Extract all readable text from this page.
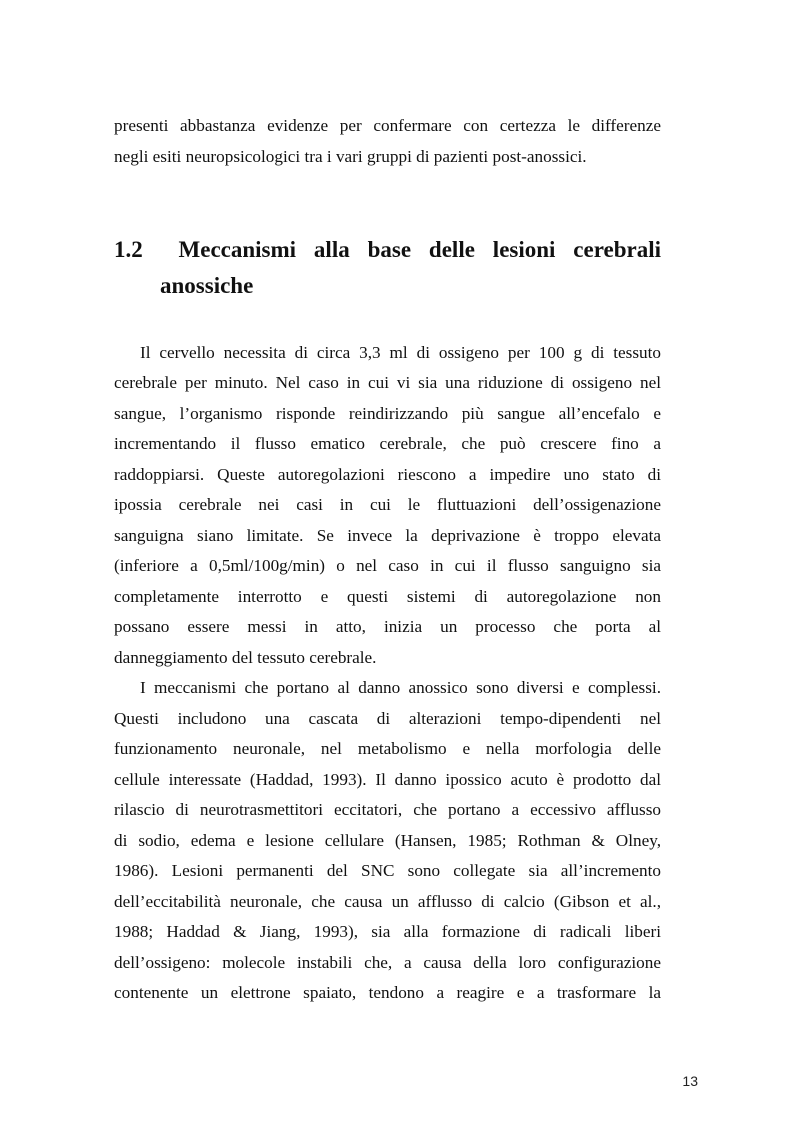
presenti abbastanza evidenze per confermare con certezza le differenze
negli esiti neuropsicologici tra i vari gruppi di pazienti post-anossici.
1.2 Meccanismi alla base delle lesioni cerebrali
anossiche
Il cervello necessita di circa 3,3 ml di ossigeno per 100 g di tessuto
cerebrale per minuto. Nel caso in cui vi sia una riduzione di ossigeno nel
sangue, l’organismo risponde reindirizzando più sangue all’encefalo e
incrementando il flusso ematico cerebrale, che può crescere fino a
raddoppiarsi. Queste autoregolazioni riescono a impedire uno stato di
ipossia cerebrale nei casi in cui le fluttuazioni dell’ossigenazione
sanguigna siano limitate. Se invece la deprivazione è troppo elevata
(inferiore a 0,5ml/100g/min) o nel caso in cui il flusso sanguigno sia
completamente interrotto e questi sistemi di autoregolazione non
possano essere messi in atto, inizia un processo che porta al
danneggiamento del tessuto cerebrale.
I meccanismi che portano al danno anossico sono diversi e complessi.
Questi includono una cascata di alterazioni tempo-dipendenti nel
funzionamento neuronale, nel metabolismo e nella morfologia delle
cellule interessate (Haddad, 1993). Il danno ipossico acuto è prodotto dal
rilascio di neurotrasmettitori eccitatori, che portano a eccessivo afflusso
di sodio, edema e lesione cellulare (Hansen, 1985; Rothman & Olney,
1986). Lesioni permanenti del SNC sono collegate sia all’incremento
dell’eccitabilità neuronale, che causa un afflusso di calcio (Gibson et al.,
1988; Haddad & Jiang, 1993), sia alla formazione di radicali liberi
dell’ossigeno: molecole instabili che, a causa della loro configurazione
contenente un elettrone spaiato, tendono a reagire e a trasformare la
13
